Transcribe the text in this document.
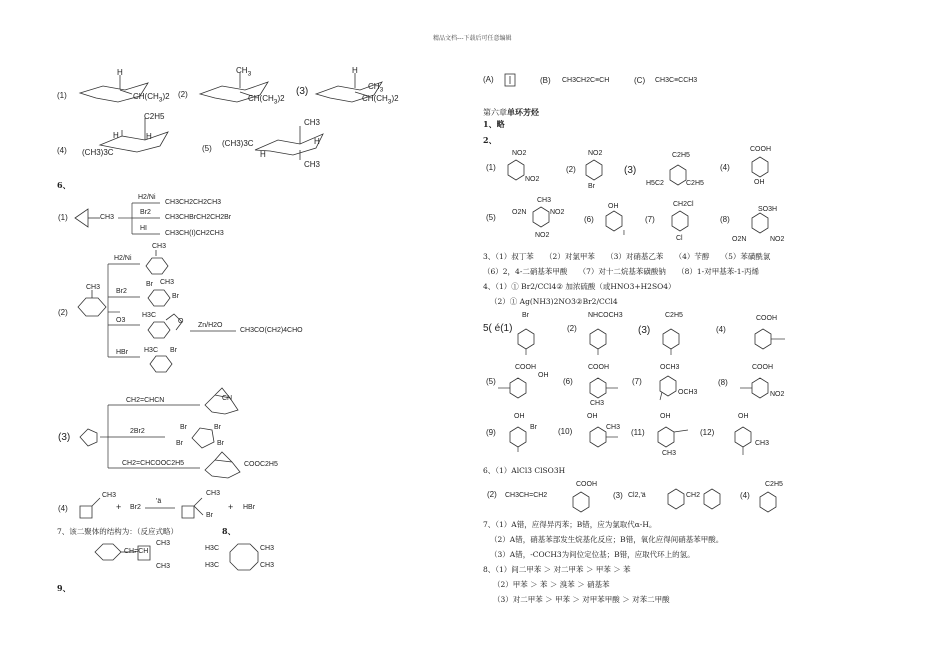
精品文档---下载后可任意编辑
(1)
H
$CH(CH_3)2$ (2)
$CH_3$
$CH(CH_3)2$
(3)
H
$CH_3$
$CH(CH_3)2$
(4)
C2H5
H	H
(CH3)3C	(5)
(CH3)3C
H
CH3
CH3
H
6、
(1)	CH3
H2/Ni
Br2
HI
CH3CH2CH2CH3
CH3CHBrCH2CH2Br
CH3CH(I)CH2CH3
(2)
CH3
H2/Ni
Br2
O3
Zn/H2O
HBr
CH3
CH3
Br
Br
H3C
O
CH3CO(CH2)4CHO
H3C Br
(3)
CH2=CHCN
2Br2
CH2=CHCOOC2H5
CN
Br	Br
Br	Br
COOC2H5
(4)
CH3
+ Br2
'ä
CH3
Br
+ HBr
7、该二聚体的结构为：（反应式略）	8、
CH=CH
CH3
CH3
H3C
H3C
CH3
CH3
9、
(A)	(B) CH3CH2C≡CH	(C) CH3C≡CCH3
第六章单环芳烃
1、略
2、
(1)
NO2
NO2
(2)
NO2
Br
(3)
C2H5
H5C2	C2H5
(4)
COOH
OH
(5)
CH3
O2N	NO2
NO2
(6)
OH
I
(7)
CH2Cl
Cl
(8)
SO3H
O2N	NO2
3、（1）叔丁苯　　（2）对氯甲苯　　（3）对硝基乙苯　　（4）苄醇　　（5）苯磺酰氯
（6）2，4-二硝基苯甲酸　　（7）对十二烷基苯磺酸钠　　（8）1-对甲基苯-1-丙烯
4、（1）① Br2/CCl4② 加浓硫酸（或HNO3+H2SO4）
（2）① Ag(NH3)2NO3②Br2/CCl4
5( é(1)
Br
(2)
NHCOCH3
(3)
C2H5
(4)
COOH
(5)
COOH
OH
(6)
COOH
CH3
(7)
OCH3
OCH3
(8)
COOH
NO2
(9)
OH
Br	(10)
OH
CH3
(11)
OH
CH3
(12)
OH
CH3
6、（1）AlCl3 ClSO3H
(2) CH3CH=CH2
COOH
(3) Cl2,'ä	CH2	(4)
C2H5
7、（1）A错，应得异丙苯；B错，应为氯取代α-H。
（2）A错，硝基苯部发生烷基化反应；B错，氧化应得间硝基苯甲酸。
（3）A错，-COCH3为间位定位基；B错，应取代环上的氢。
8、（1）间二甲苯 ＞ 对二甲苯 ＞ 甲苯 ＞ 苯
（2）甲苯 ＞ 苯 ＞ 溴苯 ＞ 硝基苯
（3）对二甲苯 ＞ 甲苯 ＞ 对甲苯甲酸 ＞ 对苯二甲酸
